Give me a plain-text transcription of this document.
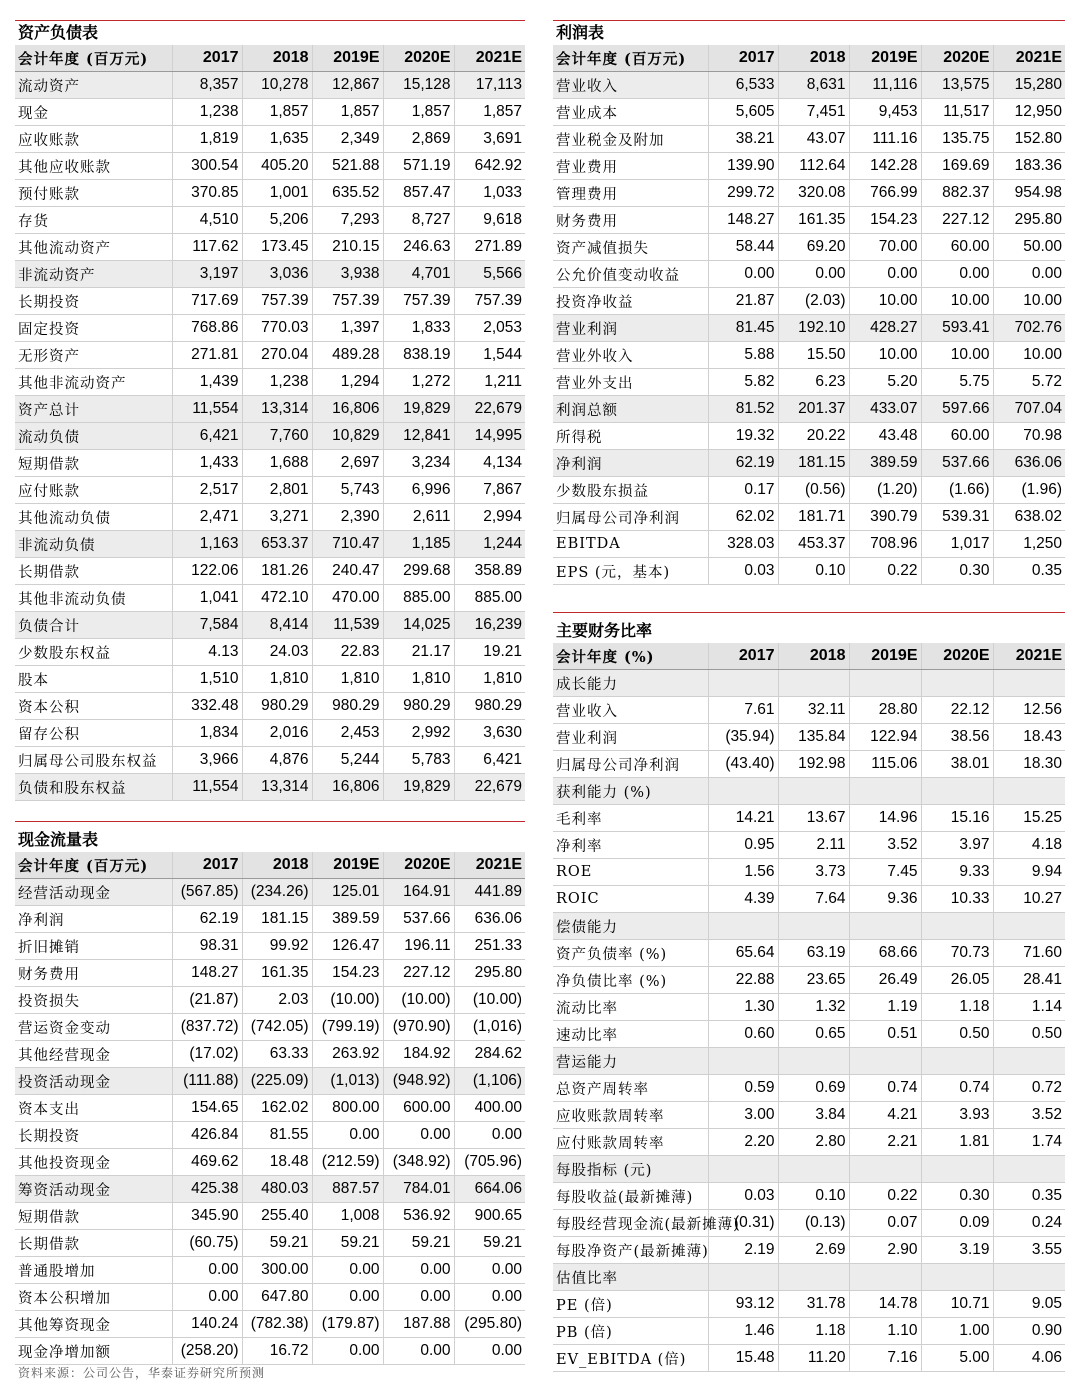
资产负债表
会计年度 (百万元)	2017	2018	2019E	2020E	2021E
流动资产	8,357	10,278	12,867	15,128	17,113
现金	1,238	1,857	1,857	1,857	1,857
应收账款	1,819	1,635	2,349	2,869	3,691
其他应收账款	300.54	405.20	521.88	571.19	642.92
预付账款	370.85	1,001	635.52	857.47	1,033
存货	4,510	5,206	7,293	8,727	9,618
其他流动资产	117.62	173.45	210.15	246.63	271.89
非流动资产	3,197	3,036	3,938	4,701	5,566
长期投资	717.69	757.39	757.39	757.39	757.39
固定投资	768.86	770.03	1,397	1,833	2,053
无形资产	271.81	270.04	489.28	838.19	1,544
其他非流动资产	1,439	1,238	1,294	1,272	1,211
资产总计	11,554	13,314	16,806	19,829	22,679
流动负债	6,421	7,760	10,829	12,841	14,995
短期借款	1,433	1,688	2,697	3,234	4,134
应付账款	2,517	2,801	5,743	6,996	7,867
其他流动负债	2,471	3,271	2,390	2,611	2,994
非流动负债	1,163	653.37	710.47	1,185	1,244
长期借款	122.06	181.26	240.47	299.68	358.89
其他非流动负债	1,041	472.10	470.00	885.00	885.00
负债合计	7,584	8,414	11,539	14,025	16,239
少数股东权益	4.13	24.03	22.83	21.17	19.21
股本	1,510	1,810	1,810	1,810	1,810
资本公积	332.48	980.29	980.29	980.29	980.29
留存公积	1,834	2,016	2,453	2,992	3,630
归属母公司股东权益	3,966	4,876	5,244	5,783	6,421
负债和股东权益	11,554	13,314	16,806	19,829	22,679
现金流量表
会计年度 (百万元)	2017	2018	2019E	2020E	2021E
经营活动现金	(567.85)	(234.26)	125.01	164.91	441.89
净利润	62.19	181.15	389.59	537.66	636.06
折旧摊销	98.31	99.92	126.47	196.11	251.33
财务费用	148.27	161.35	154.23	227.12	295.80
投资损失	(21.87)	2.03	(10.00)	(10.00)	(10.00)
营运资金变动	(837.72)	(742.05)	(799.19)	(970.90)	(1,016)
其他经营现金	(17.02)	63.33	263.92	184.92	284.62
投资活动现金	(111.88)	(225.09)	(1,013)	(948.92)	(1,106)
资本支出	154.65	162.02	800.00	600.00	400.00
长期投资	426.84	81.55	0.00	0.00	0.00
其他投资现金	469.62	18.48	(212.59)	(348.92)	(705.96)
筹资活动现金	425.38	480.03	887.57	784.01	664.06
短期借款	345.90	255.40	1,008	536.92	900.65
长期借款	(60.75)	59.21	59.21	59.21	59.21
普通股增加	0.00	300.00	0.00	0.00	0.00
资本公积增加	0.00	647.80	0.00	0.00	0.00
其他筹资现金	140.24	(782.38)	(179.87)	187.88	(295.80)
现金净增加额	(258.20)	16.72	0.00	0.00	0.00
利润表
会计年度 (百万元)	2017	2018	2019E	2020E	2021E
营业收入	6,533	8,631	11,116	13,575	15,280
营业成本	5,605	7,451	9,453	11,517	12,950
营业税金及附加	38.21	43.07	111.16	135.75	152.80
营业费用	139.90	112.64	142.28	169.69	183.36
管理费用	299.72	320.08	766.99	882.37	954.98
财务费用	148.27	161.35	154.23	227.12	295.80
资产减值损失	58.44	69.20	70.00	60.00	50.00
公允价值变动收益	0.00	0.00	0.00	0.00	0.00
投资净收益	21.87	(2.03)	10.00	10.00	10.00
营业利润	81.45	192.10	428.27	593.41	702.76
营业外收入	5.88	15.50	10.00	10.00	10.00
营业外支出	5.82	6.23	5.20	5.75	5.72
利润总额	81.52	201.37	433.07	597.66	707.04
所得税	19.32	20.22	43.48	60.00	70.98
净利润	62.19	181.15	389.59	537.66	636.06
少数股东损益	0.17	(0.56)	(1.20)	(1.66)	(1.96)
归属母公司净利润	62.02	181.71	390.79	539.31	638.02
EBITDA	328.03	453.37	708.96	1,017	1,250
EPS (元，基本)	0.03	0.10	0.22	0.30	0.35
主要财务比率
会计年度 (%)	2017	2018	2019E	2020E	2021E
成长能力					
营业收入	7.61	32.11	28.80	22.12	12.56
营业利润	(35.94)	135.84	122.94	38.56	18.43
归属母公司净利润	(43.40)	192.98	115.06	38.01	18.30
获利能力 (%)					
毛利率	14.21	13.67	14.96	15.16	15.25
净利率	0.95	2.11	3.52	3.97	4.18
ROE	1.56	3.73	7.45	9.33	9.94
ROIC	4.39	7.64	9.36	10.33	10.27
偿债能力					
资产负债率 (%)	65.64	63.19	68.66	70.73	71.60
净负债比率 (%)	22.88	23.65	26.49	26.05	28.41
流动比率	1.30	1.32	1.19	1.18	1.14
速动比率	0.60	0.65	0.51	0.50	0.50
营运能力					
总资产周转率	0.59	0.69	0.74	0.74	0.72
应收账款周转率	3.00	3.84	4.21	3.93	3.52
应付账款周转率	2.20	2.80	2.21	1.81	1.74
每股指标 (元)					
每股收益(最新摊薄)	0.03	0.10	0.22	0.30	0.35
每股经营现金流(最新摊薄)	(0.31)	(0.13)	0.07	0.09	0.24
每股净资产(最新摊薄)	2.19	2.69	2.90	3.19	3.55
估值比率					
PE (倍)	93.12	31.78	14.78	10.71	9.05
PB (倍)	1.46	1.18	1.10	1.00	0.90
EV_EBITDA (倍)	15.48	11.20	7.16	5.00	4.06
资料来源：公司公告，华泰证券研究所预测
